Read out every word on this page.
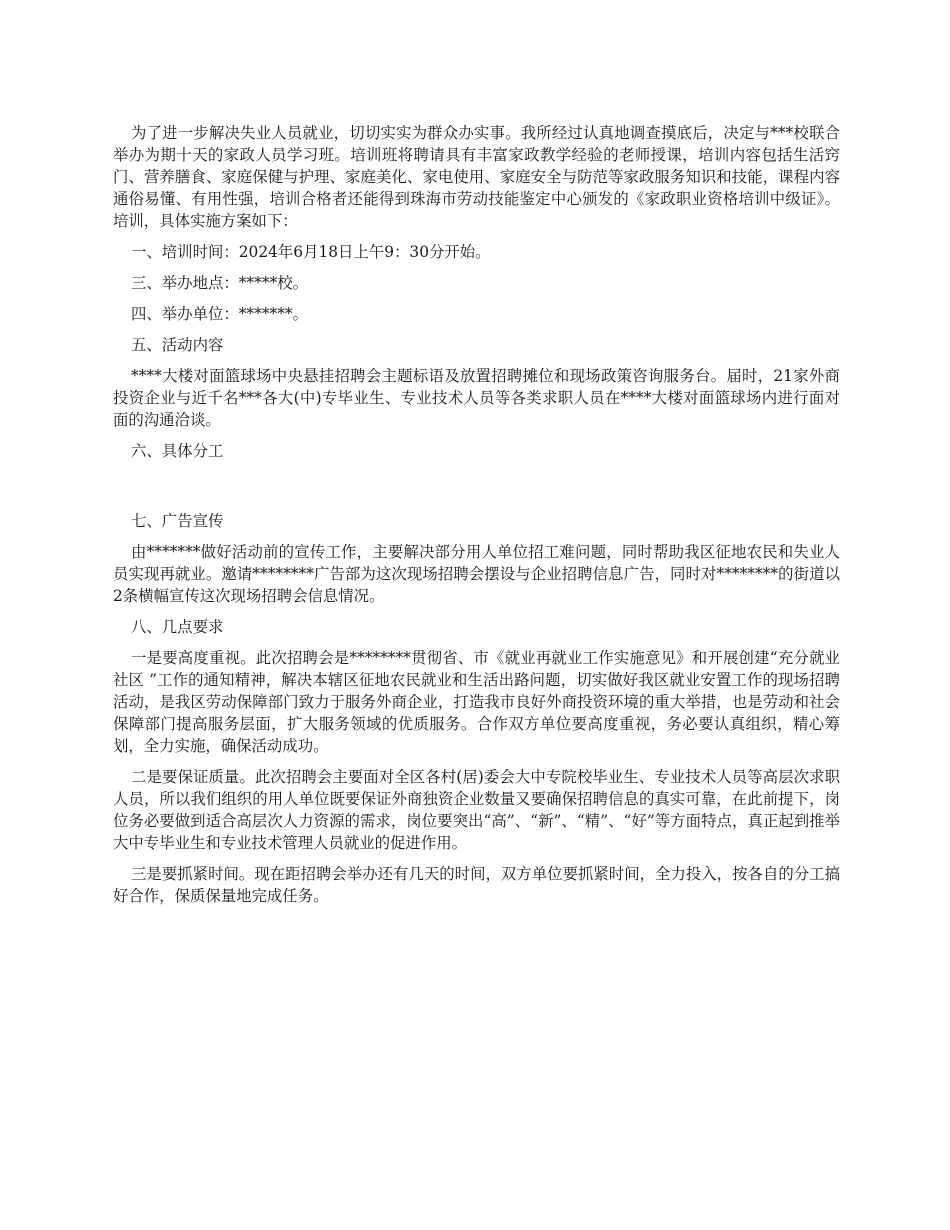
为了进一步解决失业人员就业，切切实实为群众办实事。我所经过认真地调查摸底后，决定与***校联合举办为期十天的家政人员学习班。培训班将聘请具有丰富家政教学经验的老师授课，培训内容包括生活窍门、营养膳食、家庭保健与护理、家庭美化、家电使用、家庭安全与防范等家政服务知识和技能，课程内容通俗易懂、有用性强，培训合格者还能得到珠海市劳动技能鉴定中心颁发的《家政职业资格培训中级证》。培训，具体实施方案如下：

一、培训时间：2024年6月18日上午9：30分开始。

三、举办地点：*****校。

四、举办单位：*******。

五、活动内容

****大楼对面篮球场中央悬挂招聘会主题标语及放置招聘摊位和现场政策咨询服务台。届时，21家外商投资企业与近千名***各大(中)专毕业生、专业技术人员等各类求职人员在****大楼对面篮球场内进行面对面的沟通洽谈。

六、具体分工

七、广告宣传

由*******做好活动前的宣传工作，主要解决部分用人单位招工难问题，同时帮助我区征地农民和失业人员实现再就业。邀请********广告部为这次现场招聘会摆设与企业招聘信息广告，同时对********的街道以2条横幅宣传这次现场招聘会信息情况。

八、几点要求

一是要高度重视。此次招聘会是********贯彻省、市《就业再就业工作实施意见》和开展创建“充分就业社区 ”工作的通知精神，解决本辖区征地农民就业和生活出路问题，切实做好我区就业安置工作的现场招聘活动，是我区劳动保障部门致力于服务外商企业，打造我市良好外商投资环境的重大举措，也是劳动和社会保障部门提高服务层面，扩大服务领域的优质服务。合作双方单位要高度重视，务必要认真组织，精心筹划，全力实施，确保活动成功。

二是要保证质量。此次招聘会主要面对全区各村(居)委会大中专院校毕业生、专业技术人员等高层次求职人员，所以我们组织的用人单位既要保证外商独资企业数量又要确保招聘信息的真实可靠，在此前提下，岗位务必要做到适合高层次人力资源的需求，岗位要突出“高”、“新”、“精”、“好”等方面特点，真正起到推举大中专毕业生和专业技术管理人员就业的促进作用。

三是要抓紧时间。现在距招聘会举办还有几天的时间，双方单位要抓紧时间，全力投入，按各自的分工搞好合作，保质保量地完成任务。
